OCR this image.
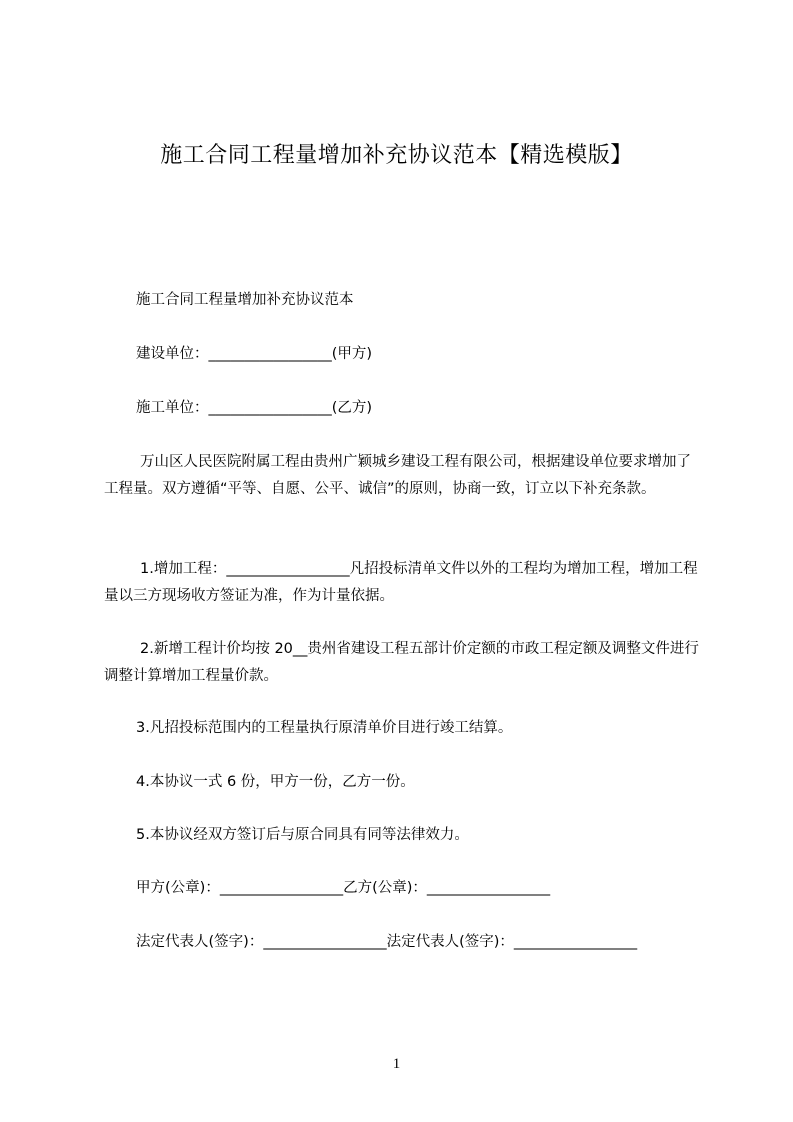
施工合同工程量增加补充协议范本【精选模版】
施工合同工程量增加补充协议范本
建设单位：_________________(甲方)
施工单位：_________________(乙方)
万山区人民医院附属工程由贵州广颖城乡建设工程有限公司，根据建设单位要求增加了工程量。双方遵循“平等、自愿、公平、诚信”的原则，协商一致，订立以下补充条款。
1.增加工程：_________________凡招投标清单文件以外的工程均为增加工程，增加工程量以三方现场收方签证为准，作为计量依据。
2.新增工程计价均按 20__贵州省建设工程五部计价定额的市政工程定额及调整文件进行调整计算增加工程量价款。
3.凡招投标范围内的工程量执行原清单价目进行竣工结算。
4.本协议一式 6 份，甲方一份，乙方一份。
5.本协议经双方签订后与原合同具有同等法律效力。
甲方(公章)：_________________乙方(公章)：_________________
法定代表人(签字)：_________________法定代表人(签字)：_________________
1
